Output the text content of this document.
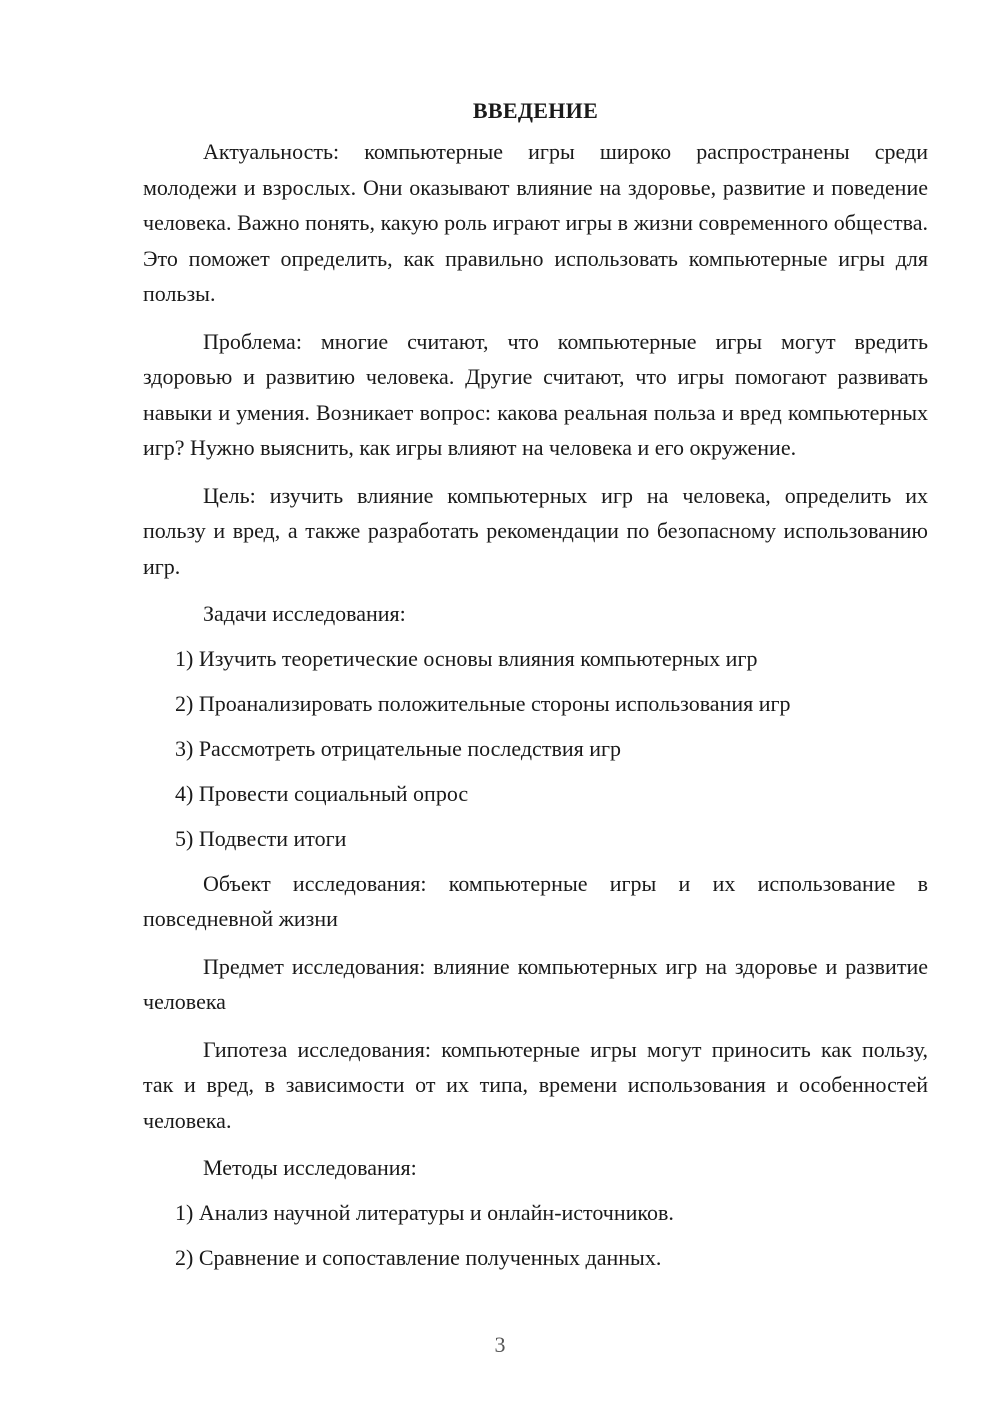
ВВЕДЕНИЕ

Актуальность: компьютерные игры широко распространены среди молодежи и взрослых. Они оказывают влияние на здоровье, развитие и поведение человека. Важно понять, какую роль играют игры в жизни современного общества. Это поможет определить, как правильно использовать компьютерные игры для пользы.

Проблема: многие считают, что компьютерные игры могут вредить здоровью и развитию человека. Другие считают, что игры помогают развивать навыки и умения. Возникает вопрос: какова реальная польза и вред компьютерных игр? Нужно выяснить, как игры влияют на человека и его окружение.

Цель: изучить влияние компьютерных игр на человека, определить их пользу и вред, а также разработать рекомендации по безопасному использованию игр.

Задачи исследования:
1) Изучить теоретические основы влияния компьютерных игр
2) Проанализировать положительные стороны использования игр
3) Рассмотреть отрицательные последствия игр
4) Провести социальный опрос
5) Подвести итоги

Объект исследования: компьютерные игры и их использование в повседневной жизни

Предмет исследования: влияние компьютерных игр на здоровье и развитие человека

Гипотеза исследования: компьютерные игры могут приносить как пользу, так и вред, в зависимости от их типа, времени использования и особенностей человека.

Методы исследования:
1) Анализ научной литературы и онлайн-источников.
2) Сравнение и сопоставление полученных данных.
3
